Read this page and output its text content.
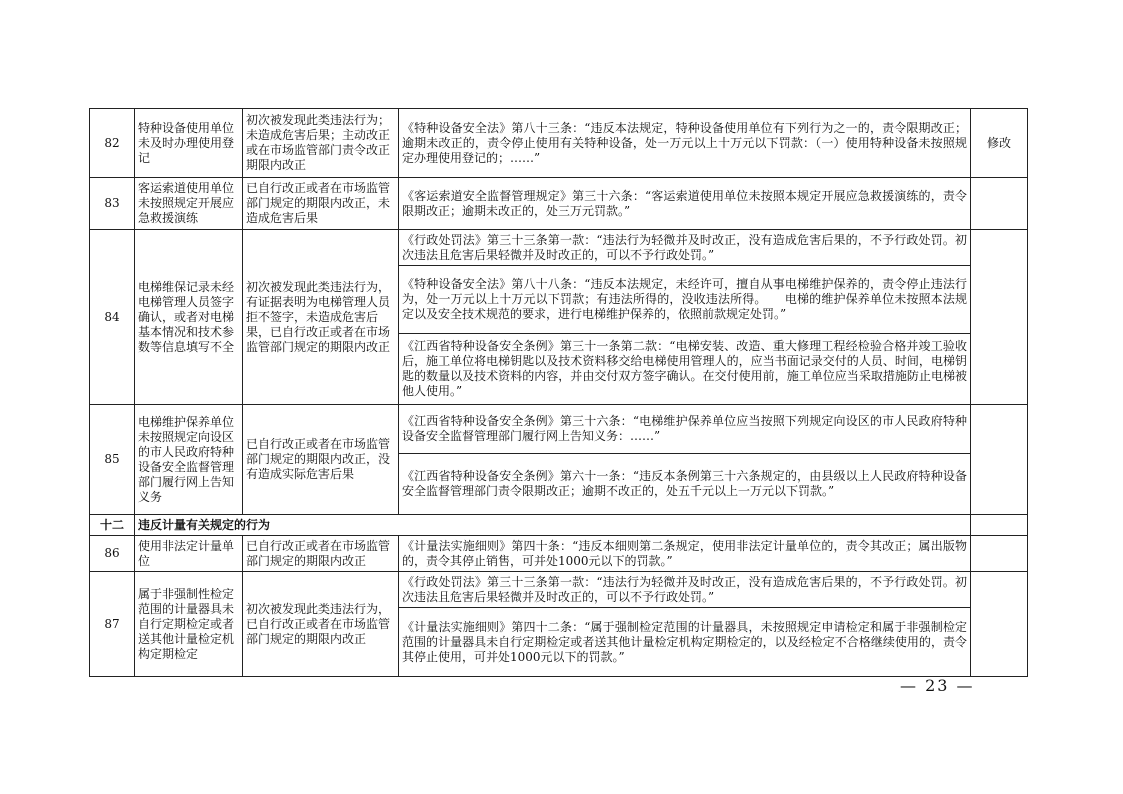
82	特种设备使用单位未及时办理使用登记	初次被发现此类违法行为；未造成危害后果；主动改正或在市场监管部门责令改正期限内改正	《特种设备安全法》第八十三条：“违反本法规定，特种设备使用单位有下列行为之一的，责令限期改正；逾期未改正的，责令停止使用有关特种设备，处一万元以上十万元以下罚款：（一）使用特种设备未按照规定办理使用登记的；……”	修改
83	客运索道使用单位未按照规定开展应急救援演练	已自行改正或者在市场监管部门规定的期限内改正，未造成危害后果	《客运索道安全监督管理规定》第三十六条：“客运索道使用单位未按照本规定开展应急救援演练的，责令限期改正；逾期未改正的，处三万元罚款。”	
84	电梯维保记录未经电梯管理人员签字确认，或者对电梯基本情况和技术参数等信息填写不全	初次被发现此类违法行为，有证据表明为电梯管理人员拒不签字，未造成危害后果，已自行改正或者在市场监管部门规定的期限内改正	《行政处罚法》第三十三条第一款：“违法行为轻微并及时改正，没有造成危害后果的，不予行政处罚。初次违法且危害后果轻微并及时改正的，可以不予行政处罚。”	
			《特种设备安全法》第八十八条：“违反本法规定，未经许可，擅自从事电梯维护保养的，责令停止违法行为，处一万元以上十万元以下罚款；有违法所得的，没收违法所得。　　电梯的维护保养单位未按照本法规定以及安全技术规范的要求，进行电梯维护保养的，依照前款规定处罚。”	
			《江西省特种设备安全条例》第三十一条第二款：“电梯安装、改造、重大修理工程经检验合格并竣工验收后，施工单位将电梯钥匙以及技术资料移交给电梯使用管理人的，应当书面记录交付的人员、时间，电梯钥匙的数量以及技术资料的内容，并由交付双方签字确认。在交付使用前，施工单位应当采取措施防止电梯被他人使用。”	
85	电梯维护保养单位未按照规定向设区的市人民政府特种设备安全监督管理部门履行网上告知义务	已自行改正或者在市场监管部门规定的期限内改正，没有造成实际危害后果	《江西省特种设备安全条例》第三十六条：“电梯维护保养单位应当按照下列规定向设区的市人民政府特种设备安全监督管理部门履行网上告知义务：……”	
			《江西省特种设备安全条例》第六十一条：“违反本条例第三十六条规定的，由县级以上人民政府特种设备安全监督管理部门责令限期改正；逾期不改正的，处五千元以上一万元以下罚款。”	
十二	违反计量有关规定的行为			
86	使用非法定计量单位	已自行改正或者在市场监管部门规定的期限内改正	《计量法实施细则》第四十条：“违反本细则第二条规定，使用非法定计量单位的，责令其改正；属出版物的，责令其停止销售，可并处1000元以下的罚款。”	
87	属于非强制性检定范围的计量器具未自行定期检定或者送其他计量检定机构定期检定	初次被发现此类违法行为，已自行改正或者在市场监管部门规定的期限内改正	《行政处罚法》第三十三条第一款：“违法行为轻微并及时改正，没有造成危害后果的，不予行政处罚。初次违法且危害后果轻微并及时改正的，可以不予行政处罚。”	
			《计量法实施细则》第四十二条：“属于强制检定范围的计量器具，未按照规定申请检定和属于非强制检定范围的计量器具未自行定期检定或者送其他计量检定机构定期检定的，以及经检定不合格继续使用的，责令其停止使用，可并处1000元以下的罚款。”	
— 23 —
